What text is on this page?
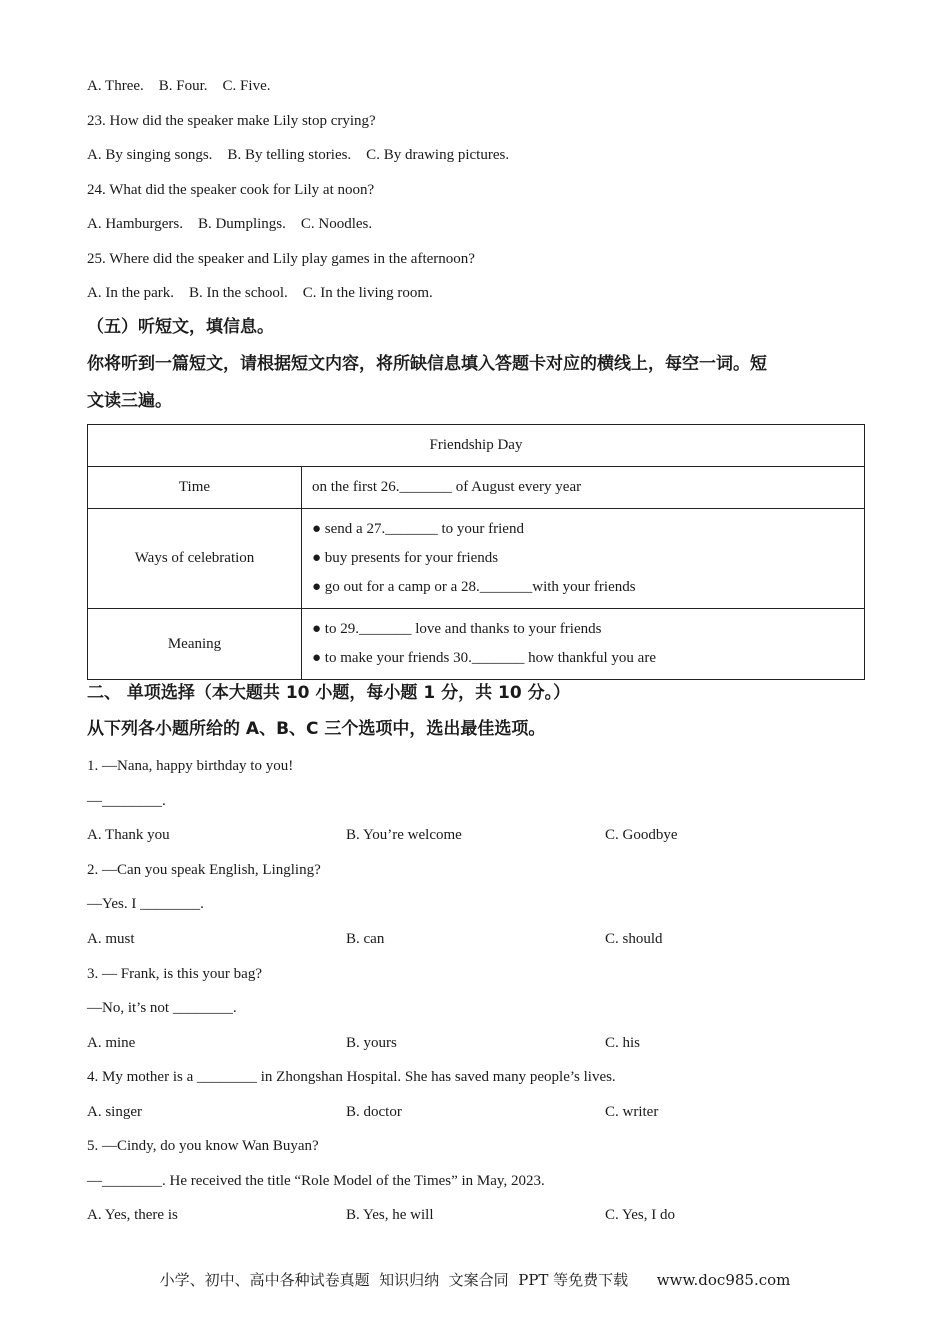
A. Three.    B. Four.    C. Five.
23. How did the speaker make Lily stop crying?
A. By singing songs.    B. By telling stories.    C. By drawing pictures.
24. What did the speaker cook for Lily at noon?
A. Hamburgers.    B. Dumplings.    C. Noodles.
25. Where did the speaker and Lily play games in the afternoon?
A. In the park.    B. In the school.    C. In the living room.
（五）听短文，填信息。
你将听到一篇短文，请根据短文内容，将所缺信息填入答题卡对应的横线上，每空一词。短
文读三遍。
Friendship Day	
Time	on the first 26._______ of August every year

Ways of celebration	● send a 27._______ to your friend
● buy presents for your friends
● go out for a camp or a 28._______with your friends

Meaning	● to 29._______ love and thanks to your friends
● to make your friends 30._______ how thankful you are
二、 单项选择（本大题共 10 小题，每小题 1 分，共 10 分。）
从下列各小题所给的 A、B、C 三个选项中，选出最佳选项。
1. —Nana, happy birthday to you!
—________.
A. Thank you	B. You’re welcome	C. Goodbye
2. —Can you speak English, Lingling?
—Yes. I ________.
A. must	B. can	C. should
3. — Frank, is this your bag?
—No, it’s not ________.
A. mine	B. yours	C. his
4. My mother is a ________ in Zhongshan Hospital. She has saved many people’s lives.
A. singer	B. doctor	C. writer
5. —Cindy, do you know Wan Buyan?
—________. He received the title “Role Model of the Times” in May, 2023.
A. Yes, there is	B. Yes, he will	C. Yes, I do
小学、初中、高中各种试卷真题  知识归纳  文案合同  PPT 等免费下载      www.doc985.com
